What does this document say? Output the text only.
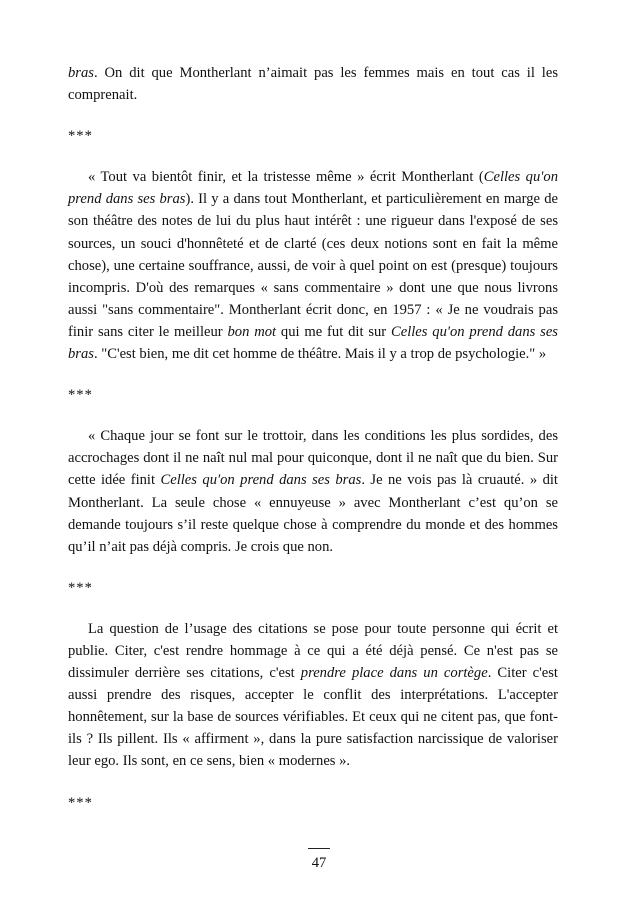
bras. On dit que Montherlant n’aimait pas les femmes mais en tout cas il les comprenait.

***

« Tout va bientôt finir, et la tristesse même » écrit Montherlant (Celles qu'on prend dans ses bras). Il y a dans tout Montherlant, et particulièrement en marge de son théâtre des notes de lui du plus haut intérêt : une rigueur dans l'exposé de ses sources, un souci d'honnêteté et de clarté (ces deux notions sont en fait la même chose), une certaine souffrance, aussi, de voir à quel point on est (presque) toujours incompris. D'où des remarques « sans commentaire » dont une que nous livrons aussi "sans commentaire". Montherlant écrit donc, en 1957 : « Je ne voudrais pas finir sans citer le meilleur bon mot qui me fut dit sur Celles qu'on prend dans ses bras. "C'est bien, me dit cet homme de théâtre. Mais il y a trop de psychologie." »

***

« Chaque jour se font sur le trottoir, dans les conditions les plus sordides, des accrochages dont il ne naît nul mal pour quiconque, dont il ne naît que du bien. Sur cette idée finit Celles qu'on prend dans ses bras. Je ne vois pas là cruauté. » dit Montherlant. La seule chose « ennuyeuse » avec Montherlant c’est qu’on se demande toujours s’il reste quelque chose à comprendre du monde et des hommes qu’il n’ait pas déjà compris. Je crois que non.

***

La question de l’usage des citations se pose pour toute personne qui écrit et publie. Citer, c'est rendre hommage à ce qui a été déjà pensé. Ce n'est pas se dissimuler derrière ses citations, c'est prendre place dans un cortège. Citer c'est aussi prendre des risques, accepter le conflit des interprétations. L'accepter honnêtement, sur la base de sources vérifiables. Et ceux qui ne citent pas, que font-ils ? Ils pillent. Ils « affirment », dans la pure satisfaction narcissique de valoriser leur ego. Ils sont, en ce sens, bien « modernes ».

***

47
